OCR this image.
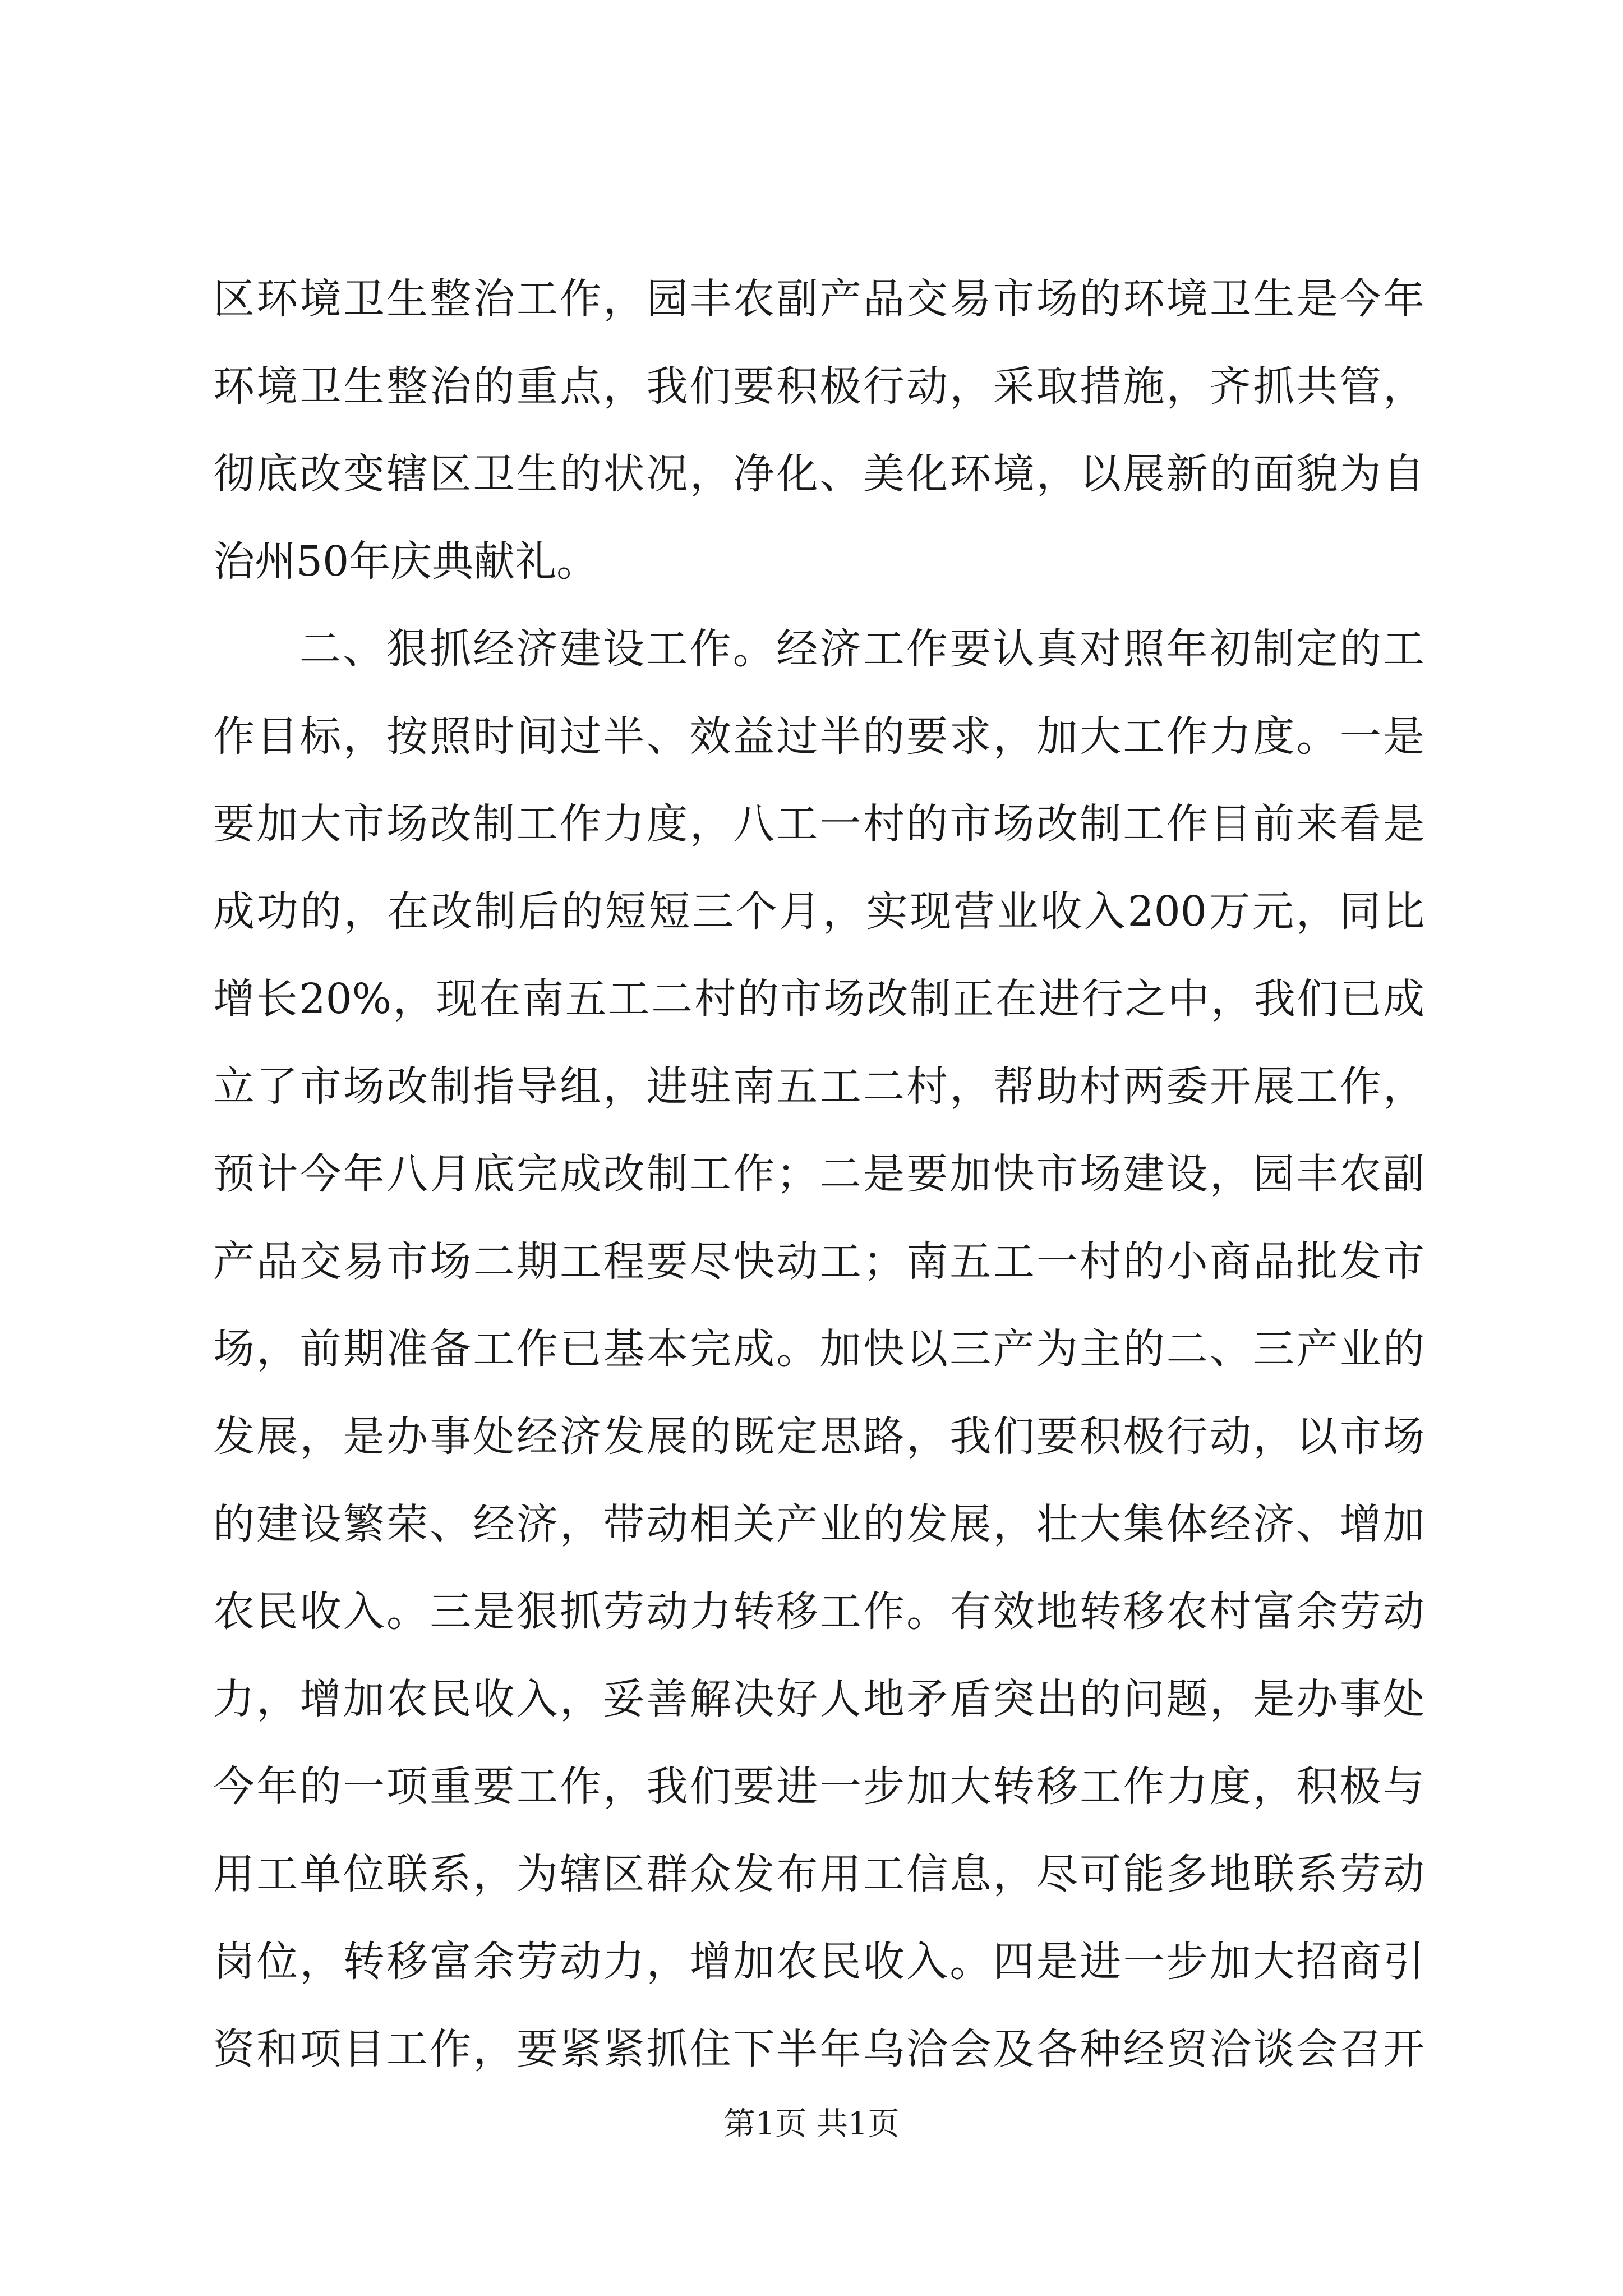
区环境卫生整治工作，园丰农副产品交易市场的环境卫生是今年
环境卫生整治的重点，我们要积极行动，采取措施，齐抓共管，
彻底改变辖区卫生的状况，净化、美化环境，以展新的面貌为自
治州50年庆典献礼。
二、狠抓经济建设工作。经济工作要认真对照年初制定的工
作目标，按照时间过半、效益过半的要求，加大工作力度。一是
要加大市场改制工作力度，八工一村的市场改制工作目前来看是
成功的，在改制后的短短三个月，实现营业收入200万元，同比
增长20%，现在南五工二村的市场改制正在进行之中，我们已成
立了市场改制指导组，进驻南五工二村，帮助村两委开展工作，
预计今年八月底完成改制工作；二是要加快市场建设，园丰农副
产品交易市场二期工程要尽快动工；南五工一村的小商品批发市
场，前期准备工作已基本完成。加快以三产为主的二、三产业的
发展，是办事处经济发展的既定思路，我们要积极行动，以市场
的建设繁荣、经济，带动相关产业的发展，壮大集体经济、增加
农民收入。三是狠抓劳动力转移工作。有效地转移农村富余劳动
力，增加农民收入，妥善解决好人地矛盾突出的问题，是办事处
今年的一项重要工作，我们要进一步加大转移工作力度，积极与
用工单位联系，为辖区群众发布用工信息，尽可能多地联系劳动
岗位，转移富余劳动力，增加农民收入。四是进一步加大招商引
资和项目工作，要紧紧抓住下半年乌洽会及各种经贸洽谈会召开
第1页 共1页
